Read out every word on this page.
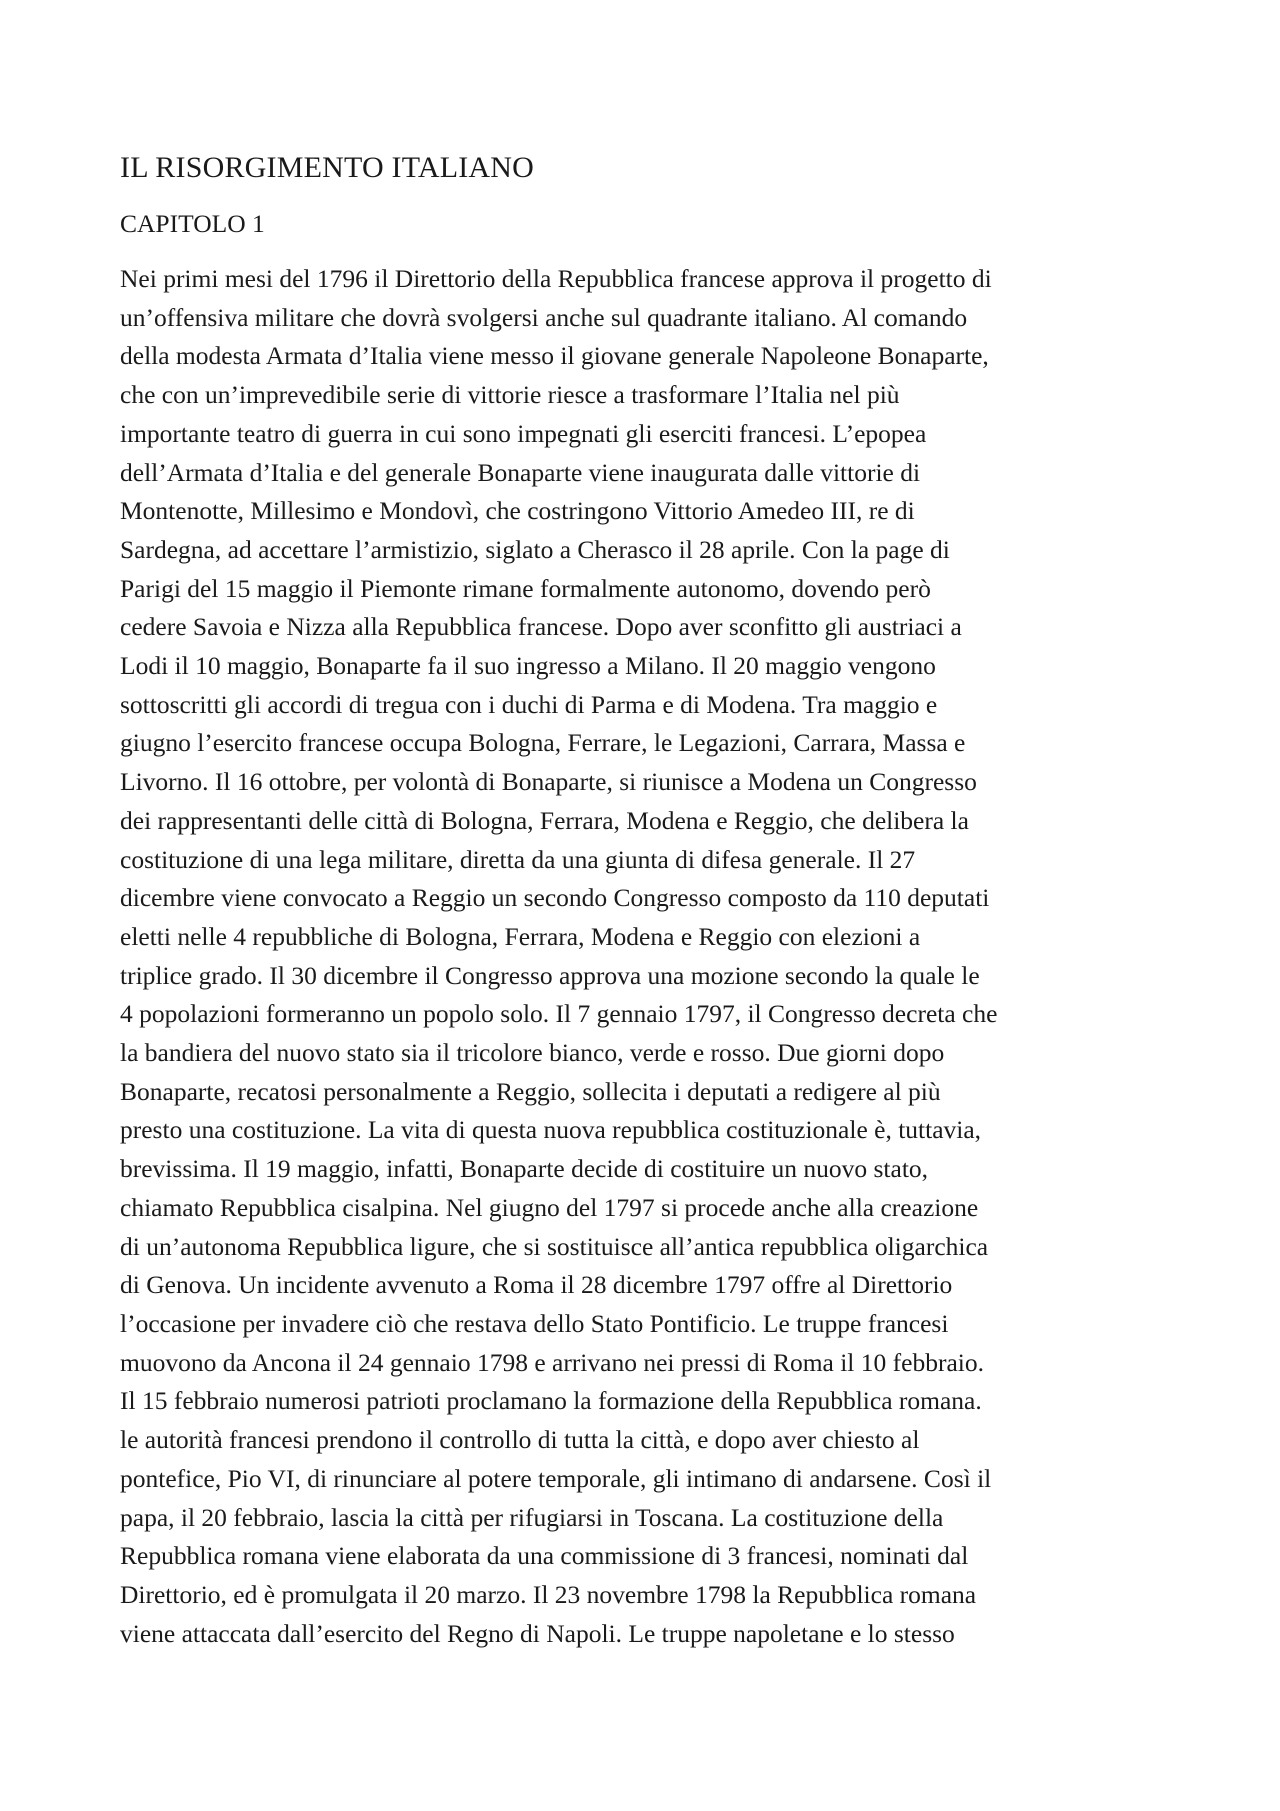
IL RISORGIMENTO ITALIANO
CAPITOLO 1

Nei primi mesi del 1796 il Direttorio della Repubblica francese approva il progetto di
un’offensiva militare che dovrà svolgersi anche sul quadrante italiano. Al comando
della modesta Armata d’Italia viene messo il giovane generale Napoleone Bonaparte,
che con un’imprevedibile serie di vittorie riesce a trasformare l’Italia nel più
importante teatro di guerra in cui sono impegnati gli eserciti francesi. L’epopea
dell’Armata d’Italia e del generale Bonaparte viene inaugurata dalle vittorie di
Montenotte, Millesimo e Mondovì, che costringono Vittorio Amedeo III, re di
Sardegna, ad accettare l’armistizio, siglato a Cherasco il 28 aprile. Con la page di
Parigi del 15 maggio il Piemonte rimane formalmente autonomo, dovendo però
cedere Savoia e Nizza alla Repubblica francese. Dopo aver sconfitto gli austriaci a
Lodi il 10 maggio, Bonaparte fa il suo ingresso a Milano. Il 20 maggio vengono
sottoscritti gli accordi di tregua con i duchi di Parma e di Modena. Tra maggio e
giugno l’esercito francese occupa Bologna, Ferrare, le Legazioni, Carrara, Massa e
Livorno. Il 16 ottobre, per volontà di Bonaparte, si riunisce a Modena un Congresso
dei rappresentanti delle città di Bologna, Ferrara, Modena e Reggio, che delibera la
costituzione di una lega militare, diretta da una giunta di difesa generale. Il 27
dicembre viene convocato a Reggio un secondo Congresso composto da 110 deputati
eletti nelle 4 repubbliche di Bologna, Ferrara, Modena e Reggio con elezioni a
triplice grado. Il 30 dicembre il Congresso approva una mozione secondo la quale le
4 popolazioni formeranno un popolo solo. Il 7 gennaio 1797, il Congresso decreta che
la bandiera del nuovo stato sia il tricolore bianco, verde e rosso. Due giorni dopo
Bonaparte, recatosi personalmente a Reggio, sollecita i deputati a redigere al più
presto una costituzione. La vita di questa nuova repubblica costituzionale è, tuttavia,
brevissima. Il 19 maggio, infatti, Bonaparte decide di costituire un nuovo stato,
chiamato Repubblica cisalpina. Nel giugno del 1797 si procede anche alla creazione
di un’autonoma Repubblica ligure, che si sostituisce all’antica repubblica oligarchica
di Genova. Un incidente avvenuto a Roma il 28 dicembre 1797 offre al Direttorio
l’occasione per invadere ciò che restava dello Stato Pontificio. Le truppe francesi
muovono da Ancona il 24 gennaio 1798 e arrivano nei pressi di Roma il 10 febbraio.
Il 15 febbraio numerosi patrioti proclamano la formazione della Repubblica romana.
le autorità francesi prendono il controllo di tutta la città, e dopo aver chiesto al
pontefice, Pio VI, di rinunciare al potere temporale, gli intimano di andarsene. Così il
papa, il 20 febbraio, lascia la città per rifugiarsi in Toscana. La costituzione della
Repubblica romana viene elaborata da una commissione di 3 francesi, nominati dal
Direttorio, ed è promulgata il 20 marzo. Il 23 novembre 1798 la Repubblica romana
viene attaccata dall’esercito del Regno di Napoli. Le truppe napoletane e lo stesso
